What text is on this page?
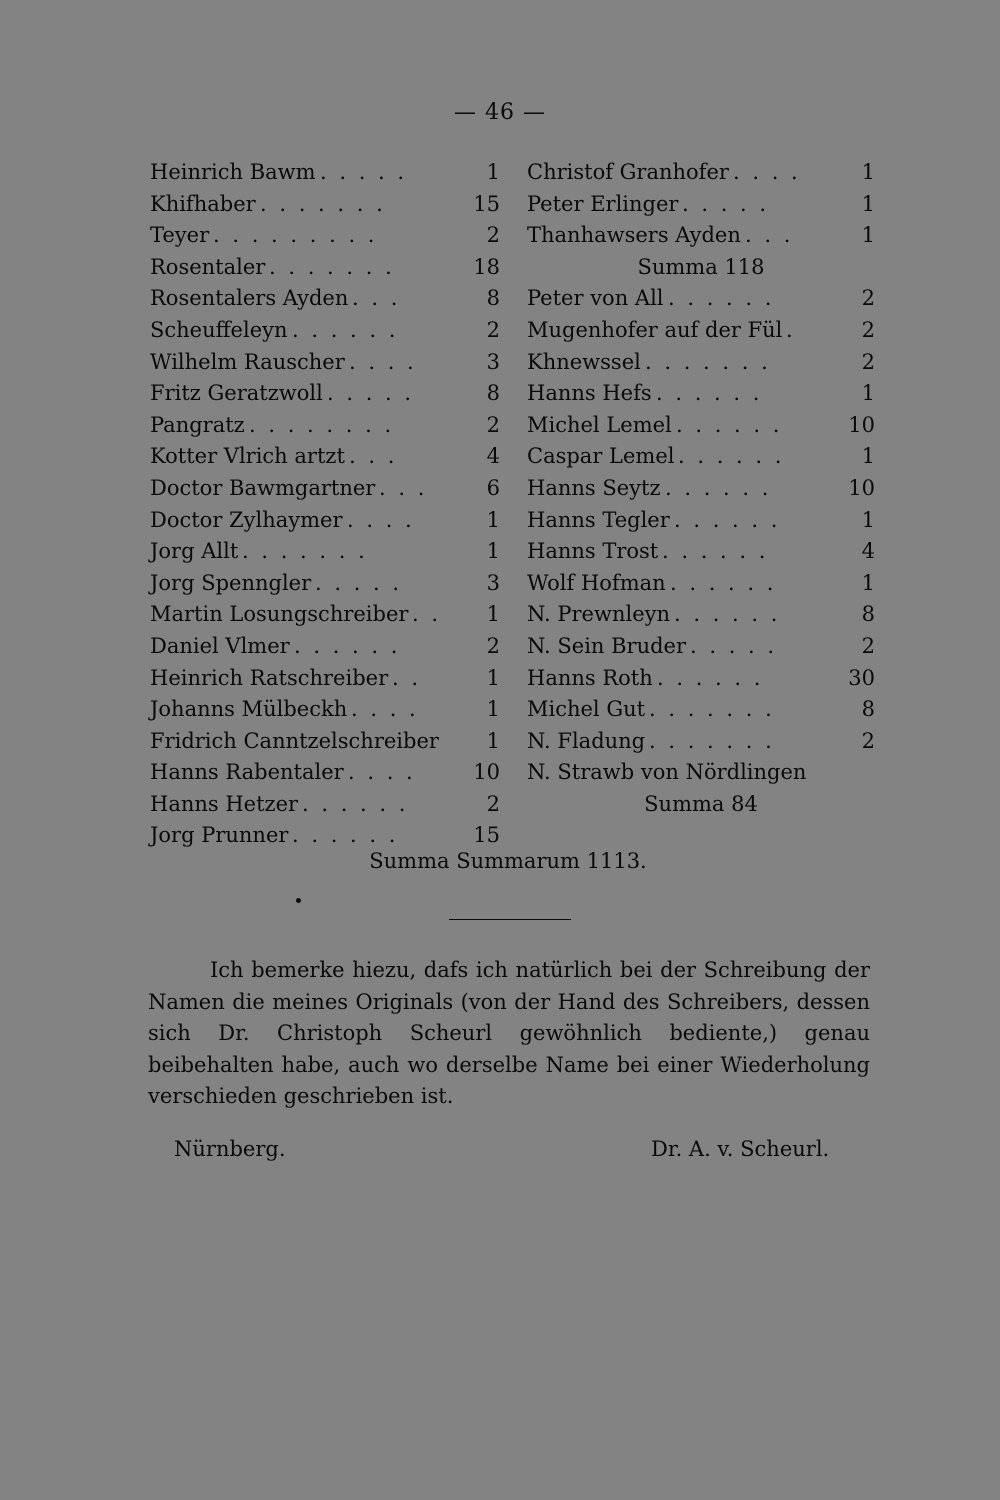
— 46 —
Heinrich Bawm . . . . .	1
Khifhaber . . . . . . .	15
Teyer . . . . . . . . .	2
Rosentaler . . . . . . .	18
Rosentalers Ayden . . .	8
Scheuffeleyn . . . . . .	2
Wilhelm Rauscher . . . .	3
Fritz Geratzwoll . . . . .	8
Pangratz . . . . . . . .	2
Kotter Vlrich artzt . . .	4
Doctor Bawmgartner . . .	6
Doctor Zylhaymer . . . .	1
Jorg Allt . . . . . . .	1
Jorg Spenngler . . . . .	3
Martin Losungschreiber . . 1
Daniel Vlmer . . . . . .	2
Heinrich Ratschreiber . .	1
Johanns Mülbeckh . . . .	1
Fridrich Canntzelschreiber 1
Hanns Rabentaler . . . .	10
Hanns Hetzer . . . . . .	2
Jorg Prunner . . . . . .	15
Christof Granhofer . . . .	1
Peter Erlinger . . . . .	1
Thanhawsers Ayden . . .	1
Summa 118
Peter von All . . . . . .	2
Mugenhofer auf der Fül .	2
Khnewssel . . . . . . .	2
Hanns Hefs . . . . . .	1
Michel Lemel . . . . . .	10
Caspar Lemel . . . . . .	1
Hanns Seytz . . . . . .	10
Hanns Tegler . . . . . .	1
Hanns Trost . . . . . .	4
Wolf Hofman . . . . . .	1
N. Prewnleyn . . . . . .	8
N. Sein Bruder . . . . .	2
Hanns Roth . . . . . .	30
Michel Gut . . . . . . .	8
N. Fladung . . . . . . .	2
N. Strawb von Nördlingen
Summa 84
Summa Summarum 1113.

Ich bemerke hiezu, dafs ich natürlich bei der Schreibung der Namen die meines Originals (von der Hand des Schreibers, dessen sich Dr. Christoph Scheurl gewöhnlich bediente,) genau beibehalten habe, auch wo derselbe Name bei einer Wiederholung verschieden geschrieben ist.

Nürnberg.	Dr. A. v. Scheurl.
